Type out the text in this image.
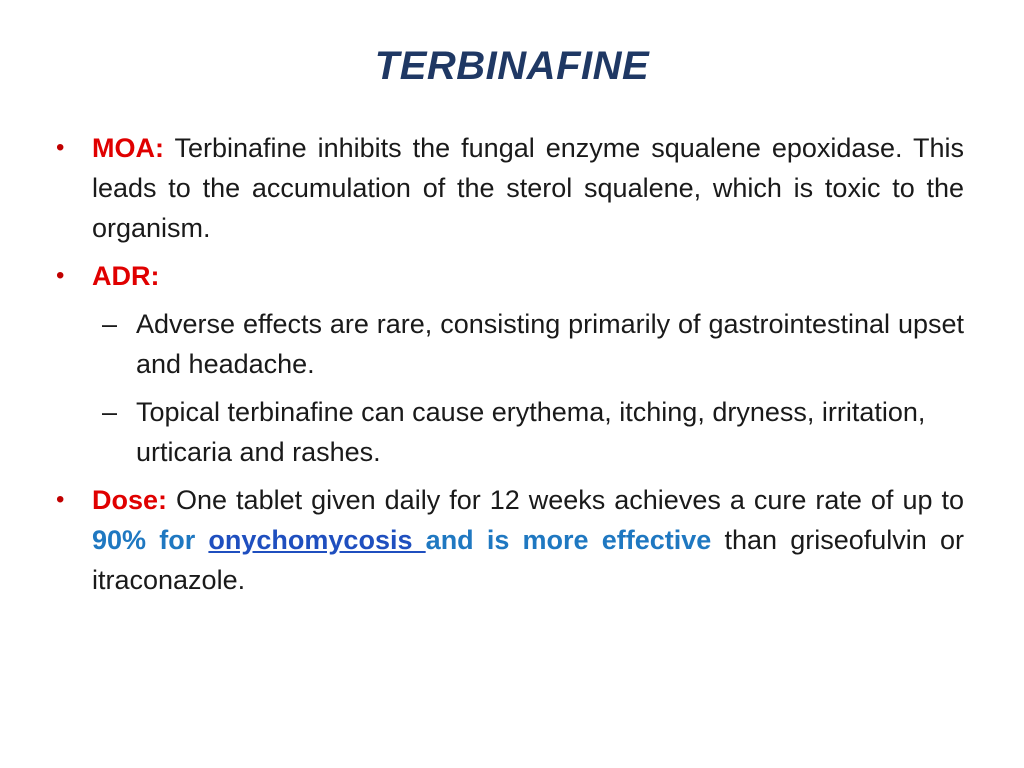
TERBINAFINE
• MOA: Terbinafine inhibits the fungal enzyme squalene epoxidase. This leads to the accumulation of the sterol squalene, which is toxic to the organism.
• ADR:
– Adverse effects are rare, consisting primarily of gastrointestinal upset and headache.
– Topical terbinafine can cause erythema, itching, dryness, irritation, urticaria and rashes.
• Dose: One tablet given daily for 12 weeks achieves a cure rate of up to 90% for onychomycosis and is more effective than griseofulvin or itraconazole.
